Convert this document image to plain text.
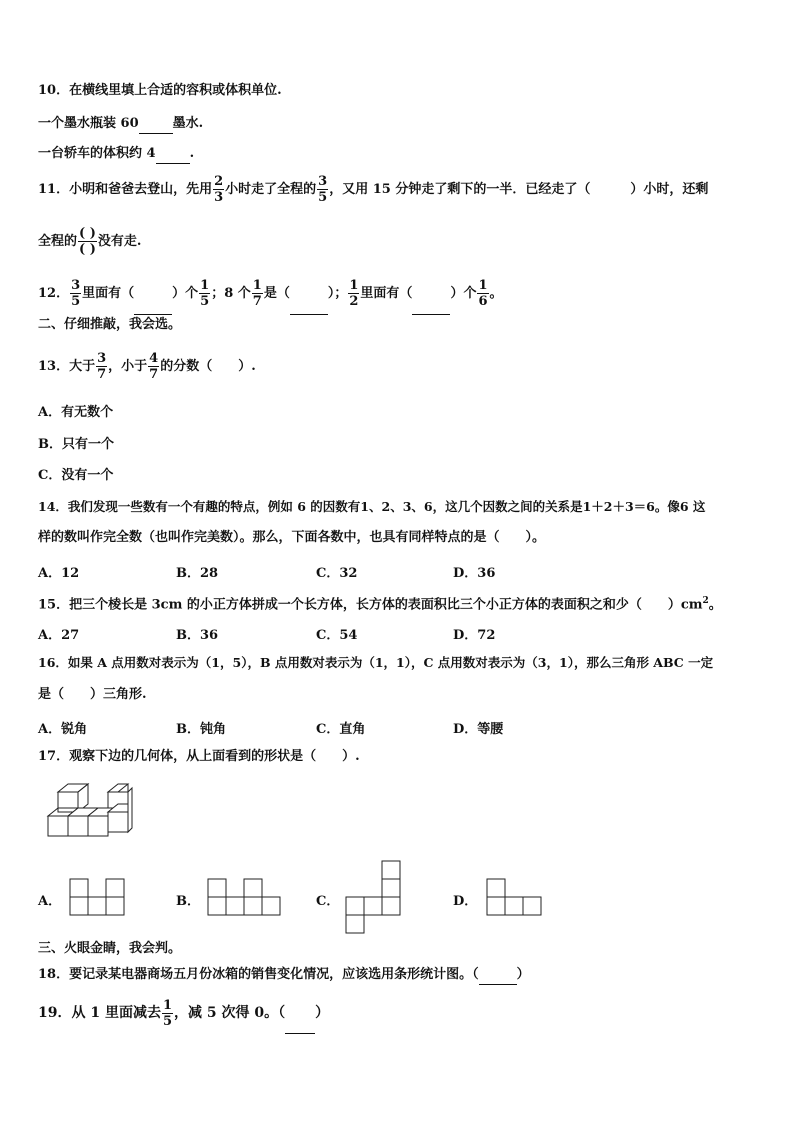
10．在横线里填上合适的容积或体积单位.
一个墨水瓶装 60	墨水.
一台轿车的体积约 4	.
11．小明和爸爸去登山，先用 $\frac{2}{3}$ 小时走了全程的 $\frac{3}{5}$ ，又用 15 分钟走了剩下的一半．已经走了（	）小时，还剩
全程的 $\frac{( )}{( )}$ 没有走.
12． $\frac{3}{5}$ 里面有（	）个 $\frac{1}{5}$ ；8 个 $\frac{1}{7}$ 是（	）； $\frac{1}{2}$ 里面有（	）个 $\frac{1}{6}$ 。
二、仔细推敲，我会选。
13．大于 $\frac{3}{7}$ ，小于 $\frac{4}{7}$ 的分数（ ）.
A．有无数个
B．只有一个
C．没有一个
14．我们发现一些数有一个有趣的特点，例如 6 的因数有1、2、3、6，这几个因数之间的关系是1＋2＋3＝6。像6 这
样的数叫作完全数（也叫作完美数）。那么，下面各数中，也具有同样特点的是（　　）。
A．12	B．28	C．32	D．36
15．把三个棱长是 3cm 的小正方体拼成一个长方体，长方体的表面积比三个小正方体的表面积之和少（　　）$cm^2$。
A．27	B．36	C．54	D．72
16．如果 A 点用数对表示为（1，5），B 点用数对表示为（1，1），C 点用数对表示为（3，1），那么三角形 ABC 一定
是（　　）三角形.
A．锐角	B．钝角	C．直角	D．等腰
17．观察下边的几何体，从上面看到的形状是（　　）.
A．	B．	C．	D．
三、火眼金睛，我会判。
18．要记录某电器商场五月份冰箱的销售变化情况，应该选用条形统计图。（	）
19．从 1 里面减去 $\frac{1}{5}$ ，减 5 次得 0。（ ）
